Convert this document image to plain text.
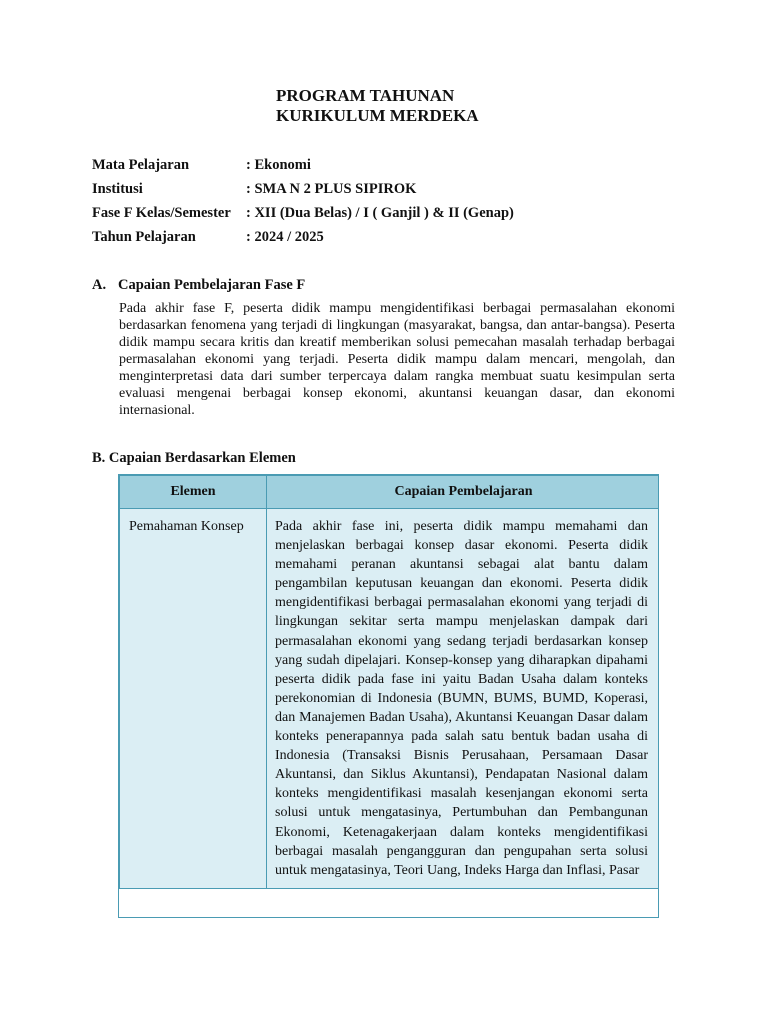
PROGRAM TAHUNAN
KURIKULUM MERDEKA
Mata Pelajaran	: Ekonomi
Institusi	: SMA N 2 PLUS SIPIROK
Fase F Kelas/Semester	: XII (Dua Belas) / I ( Ganjil ) & II (Genap)
Tahun Pelajaran	: 2024 / 2025
A. Capaian Pembelajaran Fase F
Pada akhir fase F, peserta didik mampu mengidentifikasi berbagai permasalahan ekonomi berdasarkan fenomena yang terjadi di lingkungan (masyarakat, bangsa, dan antar-bangsa). Peserta didik mampu secara kritis dan kreatif memberikan solusi pemecahan masalah terhadap berbagai permasalahan ekonomi yang terjadi. Peserta didik mampu dalam mencari, mengolah, dan menginterpretasi data dari sumber terpercaya dalam rangka membuat suatu kesimpulan serta evaluasi mengenai berbagai konsep ekonomi, akuntansi keuangan dasar, dan ekonomi internasional.
B. Capaian Berdasarkan Elemen
Elemen	Capaian Pembelajaran
Pemahaman Konsep	Pada akhir fase ini, peserta didik mampu memahami dan menjelaskan berbagai konsep dasar ekonomi. Peserta didik memahami peranan akuntansi sebagai alat bantu dalam pengambilan keputusan keuangan dan ekonomi. Peserta didik mengidentifikasi berbagai permasalahan ekonomi yang terjadi di lingkungan sekitar serta mampu menjelaskan dampak dari permasalahan ekonomi yang sedang terjadi berdasarkan konsep yang sudah dipelajari. Konsep-konsep yang diharapkan dipahami peserta didik pada fase ini yaitu Badan Usaha dalam konteks perekonomian di Indonesia (BUMN, BUMS, BUMD, Koperasi, dan Manajemen Badan Usaha), Akuntansi Keuangan Dasar dalam konteks penerapannya pada salah satu bentuk badan usaha di Indonesia (Transaksi Bisnis Perusahaan, Persamaan Dasar Akuntansi, dan Siklus Akuntansi), Pendapatan Nasional dalam konteks mengidentifikasi masalah kesenjangan ekonomi serta solusi untuk mengatasinya, Pertumbuhan dan Pembangunan Ekonomi, Ketenagakerjaan dalam konteks mengidentifikasi berbagai masalah pengangguran dan pengupahan serta solusi untuk mengatasinya, Teori Uang, Indeks Harga dan Inflasi, Pasar
